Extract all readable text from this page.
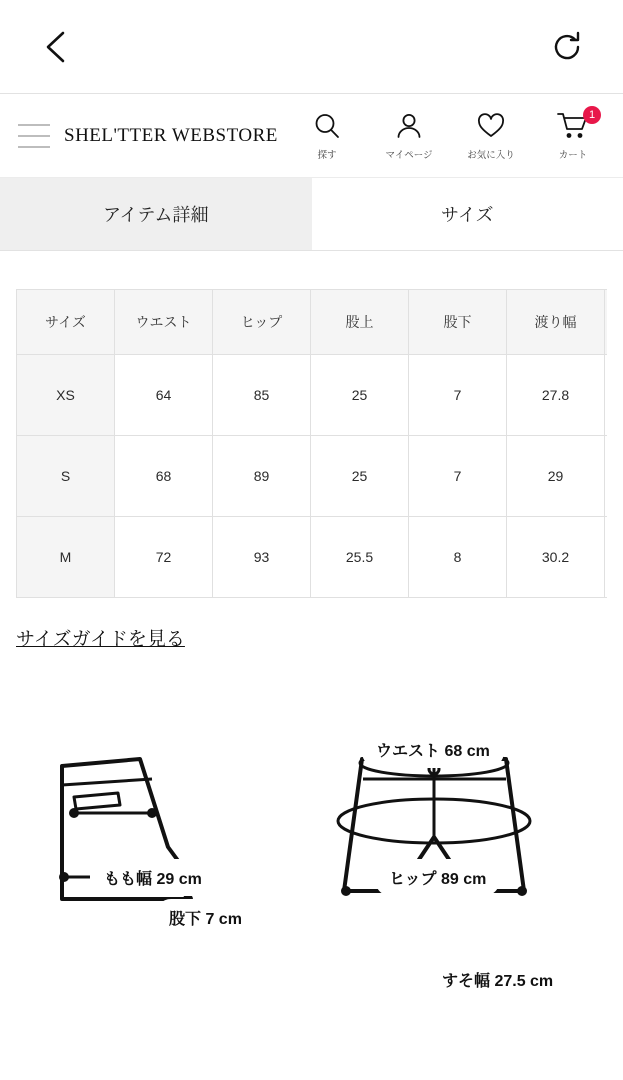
SHEL'TTER WEBSTORE
探す	マイページ	お気に入り
1
カート
アイテム詳細	サイズ
サイズ	ウエスト	ヒップ	股上	股下	渡り幅	
XS	64	85	25	7	27.8	
S	68	89	25	7	29	
M	72	93	25.5	8	30.2	
サイズガイドを見る
もも幅 29 cm
股下 7 cm
ウエスト 68 cm
ヒップ 89 cm
すそ幅 27.5 cm
